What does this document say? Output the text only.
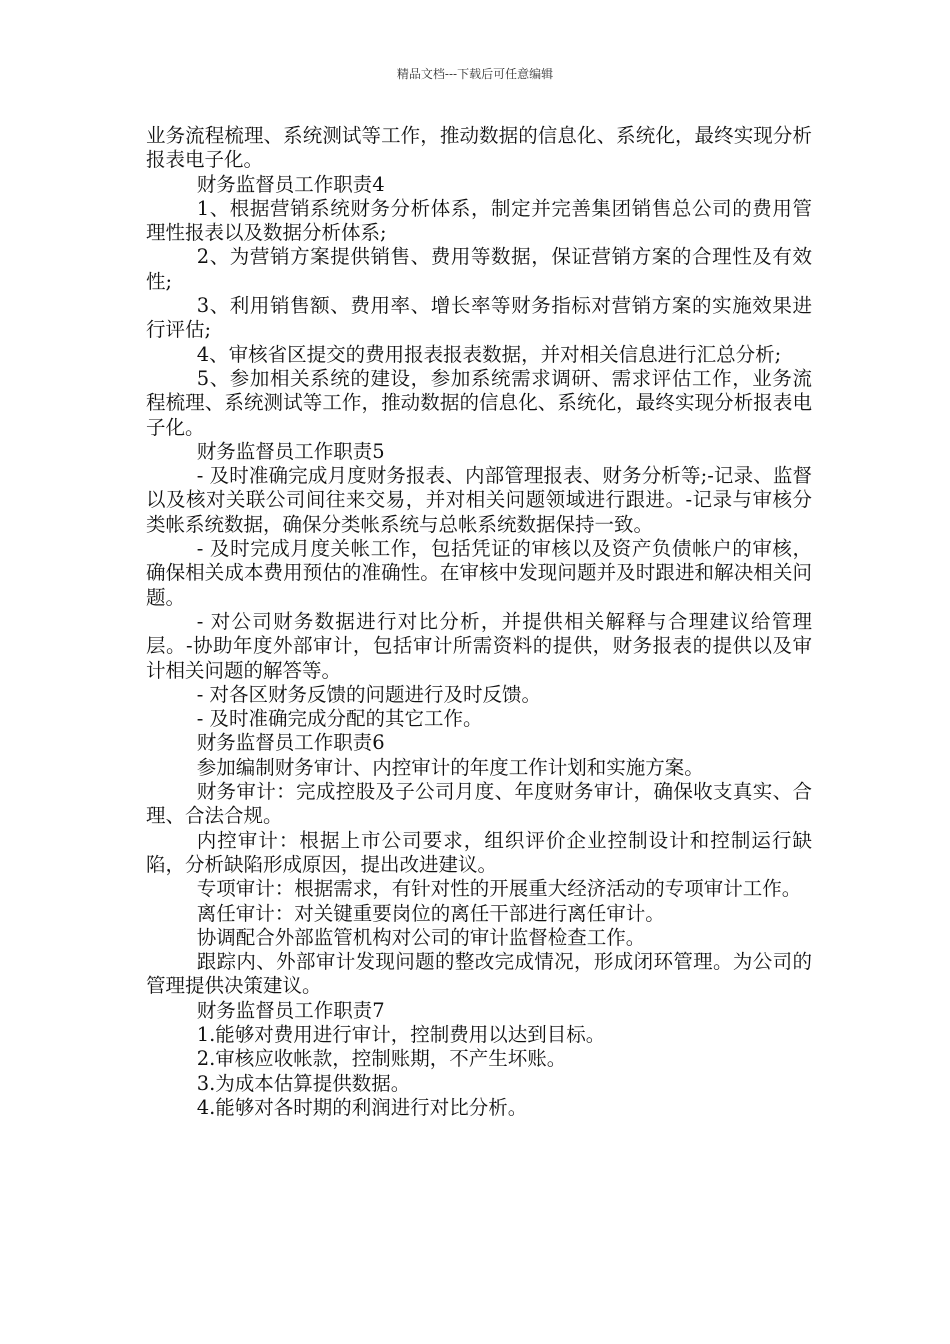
精品文档---下载后可任意编辑

业务流程梳理、系统测试等工作，推动数据的信息化、系统化，最终实现分析报表电子化。

财务监督员工作职责4

1、根据营销系统财务分析体系，制定并完善集团销售总公司的费用管理性报表以及数据分析体系;

2、为营销方案提供销售、费用等数据，保证营销方案的合理性及有效性;

3、利用销售额、费用率、增长率等财务指标对营销方案的实施效果进行评估;

4、审核省区提交的费用报表报表数据，并对相关信息进行汇总分析;

5、参加相关系统的建设，参加系统需求调研、需求评估工作，业务流程梳理、系统测试等工作，推动数据的信息化、系统化，最终实现分析报表电子化。

财务监督员工作职责5

- 及时准确完成月度财务报表、内部管理报表、财务分析等;-记录、监督以及核对关联公司间往来交易，并对相关问题领域进行跟进。-记录与审核分类帐系统数据，确保分类帐系统与总帐系统数据保持一致。

- 及时完成月度关帐工作，包括凭证的审核以及资产负债帐户的审核，确保相关成本费用预估的准确性。在审核中发现问题并及时跟进和解决相关问题。

- 对公司财务数据进行对比分析，并提供相关解释与合理建议给管理层。-协助年度外部审计，包括审计所需资料的提供，财务报表的提供以及审计相关问题的解答等。

- 对各区财务反馈的问题进行及时反馈。

- 及时准确完成分配的其它工作。

财务监督员工作职责6

参加编制财务审计、内控审计的年度工作计划和实施方案。

财务审计：完成控股及子公司月度、年度财务审计，确保收支真实、合理、合法合规。

内控审计：根据上市公司要求，组织评价企业控制设计和控制运行缺陷，分析缺陷形成原因，提出改进建议。

专项审计：根据需求，有针对性的开展重大经济活动的专项审计工作。

离任审计：对关键重要岗位的离任干部进行离任审计。

协调配合外部监管机构对公司的审计监督检查工作。

跟踪内、外部审计发现问题的整改完成情况，形成闭环管理。为公司的管理提供决策建议。

财务监督员工作职责7

1.能够对费用进行审计，控制费用以达到目标。

2.审核应收帐款，控制账期，不产生坏账。

3.为成本估算提供数据。

4.能够对各时期的利润进行对比分析。
